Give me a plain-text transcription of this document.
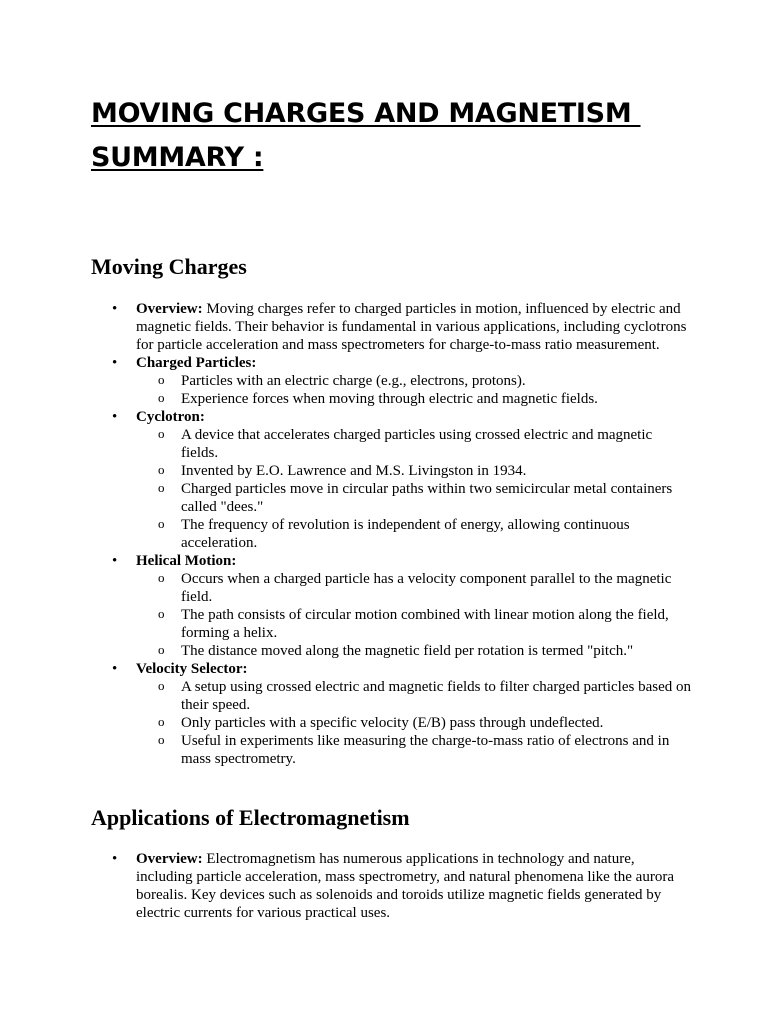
MOVING CHARGES AND MAGNETISM
SUMMARY :
Moving Charges
• Overview: Moving charges refer to charged particles in motion, influenced by electric and magnetic fields. Their behavior is fundamental in various applications, including cyclotrons for particle acceleration and mass spectrometers for charge-to-mass ratio measurement.
• Charged Particles:
o Particles with an electric charge (e.g., electrons, protons).
o Experience forces when moving through electric and magnetic fields.
• Cyclotron:
o A device that accelerates charged particles using crossed electric and magnetic fields.
o Invented by E.O. Lawrence and M.S. Livingston in 1934.
o Charged particles move in circular paths within two semicircular metal containers called "dees."
o The frequency of revolution is independent of energy, allowing continuous acceleration.
• Helical Motion:
o Occurs when a charged particle has a velocity component parallel to the magnetic field.
o The path consists of circular motion combined with linear motion along the field, forming a helix.
o The distance moved along the magnetic field per rotation is termed "pitch."
• Velocity Selector:
o A setup using crossed electric and magnetic fields to filter charged particles based on their speed.
o Only particles with a specific velocity (E/B) pass through undeflected.
o Useful in experiments like measuring the charge-to-mass ratio of electrons and in mass spectrometry.
Applications of Electromagnetism
• Overview: Electromagnetism has numerous applications in technology and nature, including particle acceleration, mass spectrometry, and natural phenomena like the aurora borealis. Key devices such as solenoids and toroids utilize magnetic fields generated by electric currents for various practical uses.
